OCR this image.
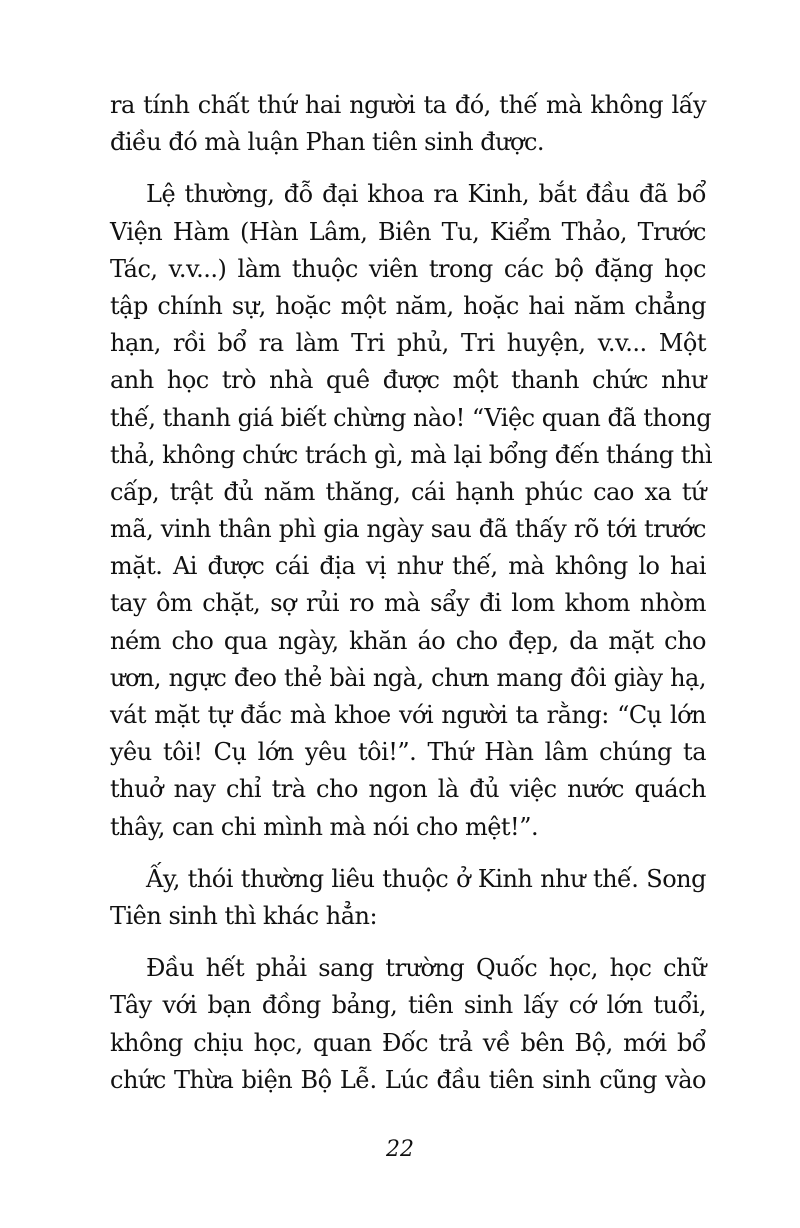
ra tính chất thứ hai người ta đó, thế mà không lấy
điều đó mà luận Phan tiên sinh được.
Lệ thường, đỗ đại khoa ra Kinh, bắt đầu đã bổ
Viện Hàm (Hàn Lâm, Biên Tu, Kiểm Thảo, Trước
Tác, v.v...) làm thuộc viên trong các bộ đặng học
tập chính sự, hoặc một năm, hoặc hai năm chẳng
hạn, rồi bổ ra làm Tri phủ, Tri huyện, v.v... Một
anh học trò nhà quê được một thanh chức như
thế, thanh giá biết chừng nào! “Việc quan đã thong
thả, không chức trách gì, mà lại bổng đến tháng thì
cấp, trật đủ năm thăng, cái hạnh phúc cao xa tứ
mã, vinh thân phì gia ngày sau đã thấy rõ tới trước
mặt. Ai được cái địa vị như thế, mà không lo hai
tay ôm chặt, sợ rủi ro mà sẩy đi lom khom nhòm
ném cho qua ngày, khăn áo cho đẹp, da mặt cho
ươn, ngực đeo thẻ bài ngà, chưn mang đôi giày hạ,
vát mặt tự đắc mà khoe với người ta rằng: “Cụ lớn
yêu tôi! Cụ lớn yêu tôi!”. Thứ Hàn lâm chúng ta
thuở nay chỉ trà cho ngon là đủ việc nước quách
thây, can chi mình mà nói cho mệt!”.
Ấy, thói thường liêu thuộc ở Kinh như thế. Song
Tiên sinh thì khác hẳn:
Đầu hết phải sang trường Quốc học, học chữ
Tây với bạn đồng bảng, tiên sinh lấy cớ lớn tuổi,
không chịu học, quan Đốc trả về bên Bộ, mới bổ
chức Thừa biện Bộ Lễ. Lúc đầu tiên sinh cũng vào
22
